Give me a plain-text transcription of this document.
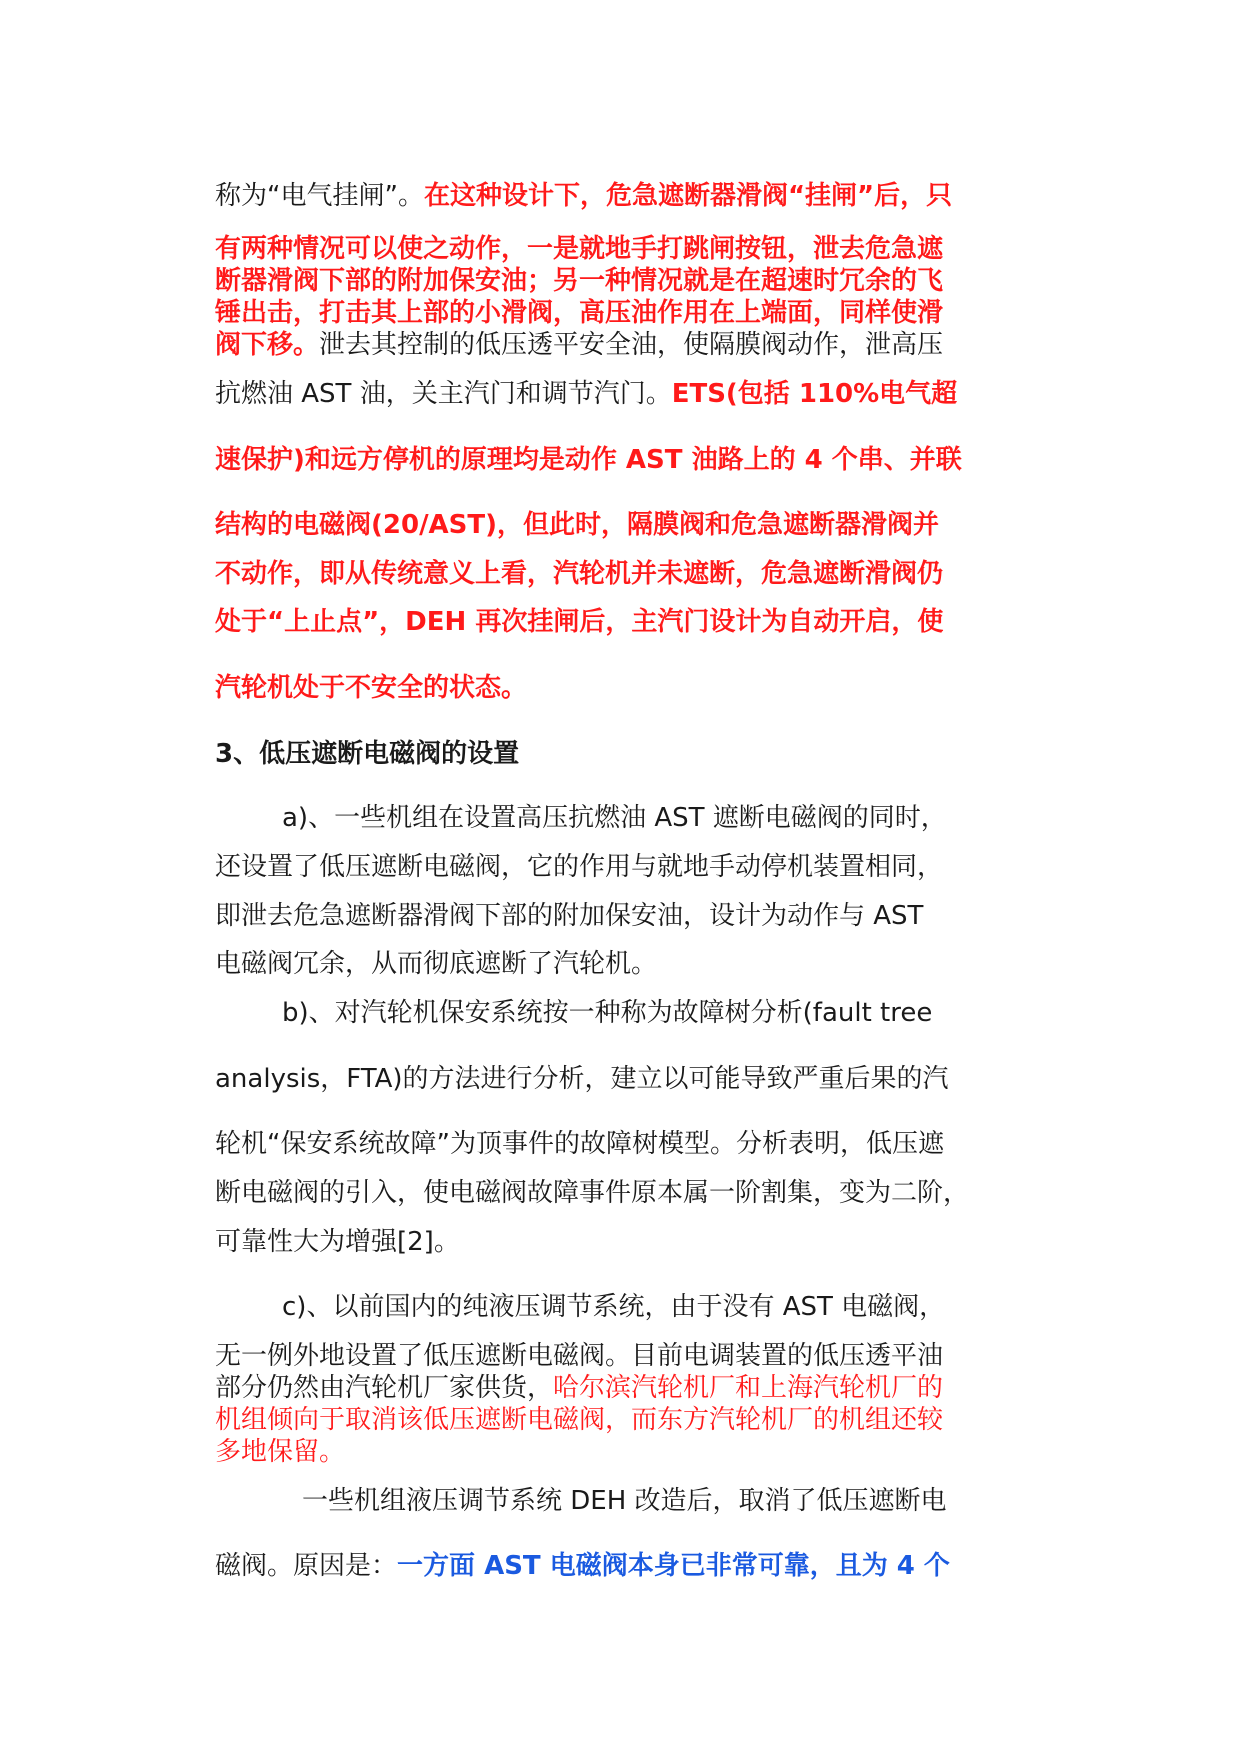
称为“电气挂闸”。在这种设计下，危急遮断器滑阀“挂闸”后，只
有两种情况可以使之动作，一是就地手打跳闸按钮，泄去危急遮
断器滑阀下部的附加保安油；另一种情况就是在超速时冗余的飞
锤出击，打击其上部的小滑阀，高压油作用在上端面，同样使滑
阀下移。泄去其控制的低压透平安全油，使隔膜阀动作，泄高压
抗燃油 AST 油，关主汽门和调节汽门。ETS(包括 110%电气超
速保护)和远方停机的原理均是动作 AST 油路上的 4 个串、并联
结构的电磁阀(20/AST)，但此时，隔膜阀和危急遮断器滑阀并
不动作，即从传统意义上看，汽轮机并未遮断，危急遮断滑阀仍
处于“上止点”，DEH 再次挂闸后，主汽门设计为自动开启，使
汽轮机处于不安全的状态。
3、低压遮断电磁阀的设置
a)、一些机组在设置高压抗燃油 AST 遮断电磁阀的同时，
还设置了低压遮断电磁阀，它的作用与就地手动停机装置相同，
即泄去危急遮断器滑阀下部的附加保安油，设计为动作与 AST
电磁阀冗余，从而彻底遮断了汽轮机。
b)、对汽轮机保安系统按一种称为故障树分析(fault tree
analysis，FTA)的方法进行分析，建立以可能导致严重后果的汽
轮机“保安系统故障”为顶事件的故障树模型。分析表明，低压遮
断电磁阀的引入，使电磁阀故障事件原本属一阶割集，变为二阶，
可靠性大为增强[2]。
c)、以前国内的纯液压调节系统，由于没有 AST 电磁阀，
无一例外地设置了低压遮断电磁阀。目前电调装置的低压透平油
部分仍然由汽轮机厂家供货，哈尔滨汽轮机厂和上海汽轮机厂的
机组倾向于取消该低压遮断电磁阀，而东方汽轮机厂的机组还较
多地保留。
一些机组液压调节系统 DEH 改造后，取消了低压遮断电
磁阀。原因是：一方面 AST 电磁阀本身已非常可靠，且为 4 个
